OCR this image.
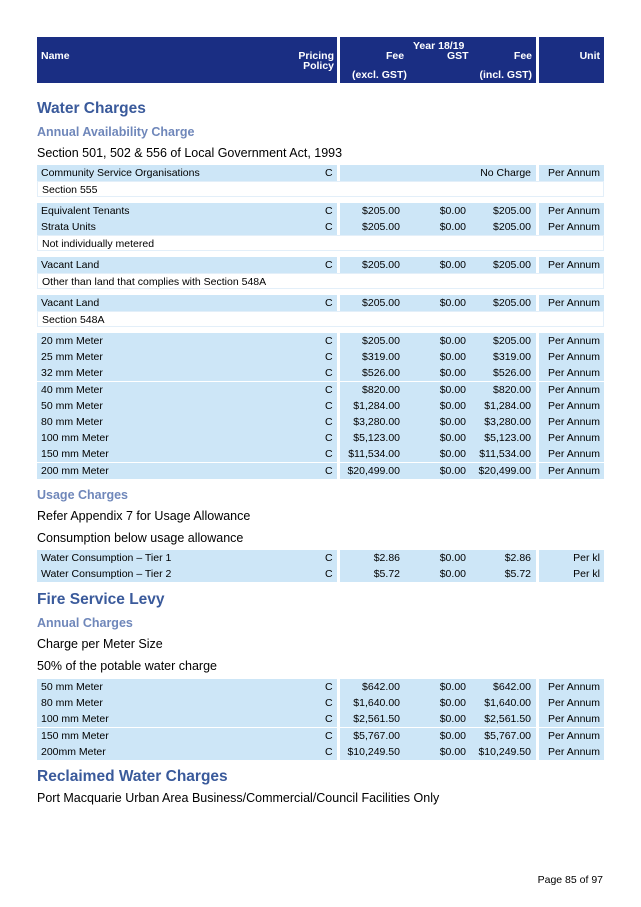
Name	Pricing
Policy
Year 18/19
Fee
(excl. GST)
GST	Fee
(incl. GST)
Unit
Water Charges
Annual Availability Charge
Section 501, 502 & 556 of Local Government Act, 1993
Community Service Organisations	C	No Charge Per Annum
Section 555
Equivalent Tenants	C	$205.00	$0.00	$205.00 Per Annum
Strata Units	C	$205.00	$0.00	$205.00 Per Annum
Not individually metered
Vacant Land	C	$205.00	$0.00	$205.00 Per Annum
Other than land that complies with Section 548A
Vacant Land	C	$205.00	$0.00	$205.00 Per Annum
Section 548A
20 mm Meter	C	$205.00	$0.00	$205.00 Per Annum
25 mm Meter	C	$319.00	$0.00	$319.00 Per Annum
32 mm Meter	C	$526.00	$0.00	$526.00 Per Annum
40 mm Meter	C	$820.00	$0.00	$820.00 Per Annum
50 mm Meter	C $1,284.00	$0.00 $1,284.00 Per Annum
80 mm Meter	C $3,280.00	$0.00 $3,280.00 Per Annum
100 mm Meter	C $5,123.00	$0.00 $5,123.00 Per Annum
150 mm Meter	C $11,534.00	$0.00 $11,534.00 Per Annum
200 mm Meter	C $20,499.00	$0.00 $20,499.00 Per Annum
Usage Charges
Refer Appendix 7 for Usage Allowance
Consumption below usage allowance
Water Consumption – Tier 1	C	$2.86	$0.00	$2.86	Per kl
Water Consumption – Tier 2	C	$5.72	$0.00	$5.72	Per kl
Fire Service Levy
Annual Charges
Charge per Meter Size
50% of the potable water charge
50 mm Meter	C	$642.00	$0.00	$642.00 Per Annum
80 mm Meter	C $1,640.00	$0.00 $1,640.00 Per Annum
100 mm Meter	C $2,561.50	$0.00 $2,561.50 Per Annum
150 mm Meter	C $5,767.00	$0.00 $5,767.00 Per Annum
200mm Meter	C $10,249.50	$0.00 $10,249.50 Per Annum
Reclaimed Water Charges
Port Macquarie Urban Area Business/Commercial/Council Facilities Only
Page 85 of 97
